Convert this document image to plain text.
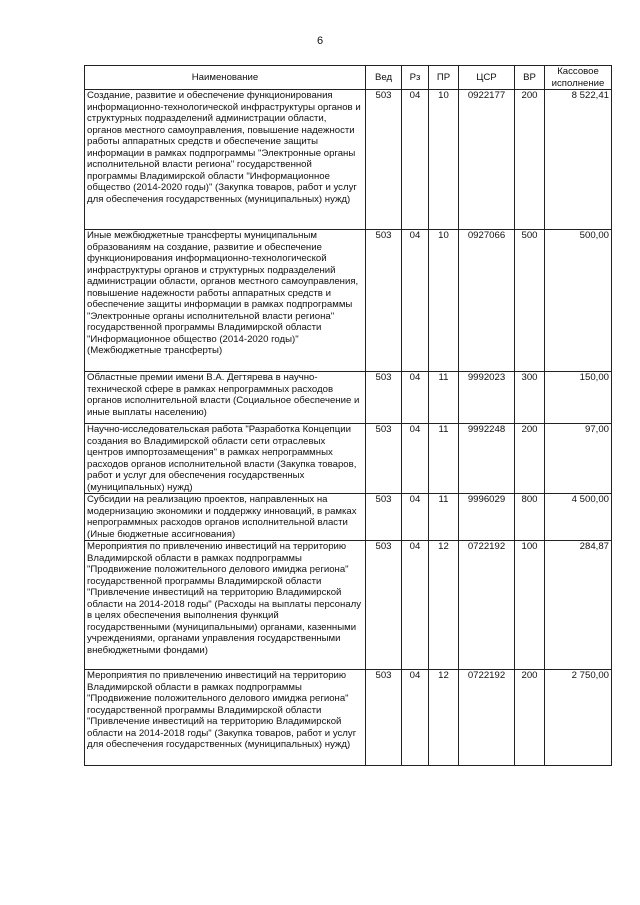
6
Наименование	Вед	Рз	ПР	ЦСР	ВР	Кассовое исполнение
Создание, развитие и обеспечение функционирования информационно-технологической инфраструктуры органов и структурных подразделений администрации области, органов местного самоуправления, повышение надежности работы аппаратных средств и обеспечение защиты информации в рамках подпрограммы "Электронные органы исполнительной власти региона" государственной программы Владимирской области "Информационное общество (2014-2020 годы)" (Закупка товаров, работ и услуг для обеспечения государственных (муниципальных) нужд)	503	04	10	0922177	200	8 522,41
Иные межбюджетные трансферты муниципальным образованиям на создание, развитие и обеспечение функционирования информационно-технологической инфраструктуры органов и структурных подразделений администрации области, органов местного самоуправления, повышение надежности работы аппаратных средств и обеспечение защиты информации в рамках подпрограммы "Электронные органы исполнительной власти региона" государственной программы Владимирской области "Информационное общество (2014-2020 годы)" (Межбюджетные трансферты)	503	04	10	0927066	500	500,00
Областные премии имени В.А. Дегтярева в научно-технической сфере в рамках непрограммных расходов органов исполнительной власти (Социальное обеспечение и иные выплаты населению)	503	04	11	9992023	300	150,00
Научно-исследовательская работа "Разработка Концепции создания во Владимирской области сети отраслевых центров импортозамещения" в рамках непрограммных расходов органов исполнительной власти (Закупка товаров, работ и услуг для обеспечения государственных (муниципальных) нужд)	503	04	11	9992248	200	97,00
Субсидии на реализацию проектов, направленных на модернизацию экономики и поддержку инноваций, в рамках непрограммных расходов органов исполнительной власти (Иные бюджетные ассигнования)	503	04	11	9996029	800	4 500,00
Мероприятия по привлечению инвестиций на территорию Владимирской области в рамках подпрограммы "Продвижение положительного делового имиджа региона" государственной программы Владимирской области "Привлечение инвестиций на территорию Владимирской области на 2014-2018 годы" (Расходы на выплаты персоналу в целях обеспечения выполнения функций государственными (муниципальными) органами, казенными учреждениями, органами управления государственными внебюджетными фондами)	503	04	12	0722192	100	284,87
Мероприятия по привлечению инвестиций на территорию Владимирской области в рамках подпрограммы "Продвижение положительного делового имиджа региона" государственной программы Владимирской области "Привлечение инвестиций на территорию Владимирской области на 2014-2018 годы" (Закупка товаров, работ и услуг для обеспечения государственных (муниципальных) нужд)	503	04	12	0722192	200	2 750,00
